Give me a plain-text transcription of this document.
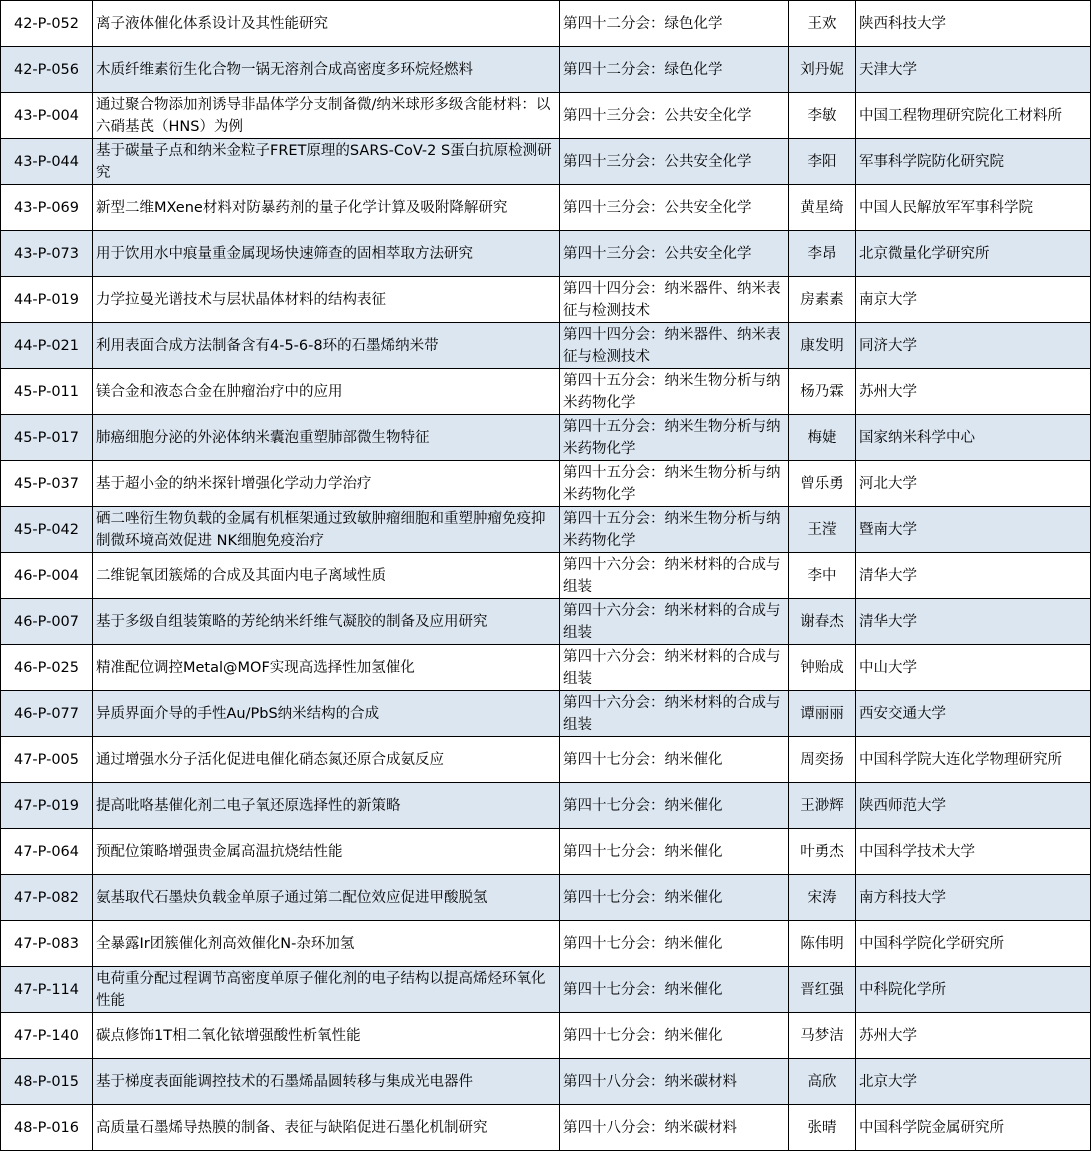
42-P-052	离子液体催化体系设计及其性能研究	第四十二分会：绿色化学	王欢	陕西科技大学
42-P-056	木质纤维素衍生化合物一锅无溶剂合成高密度多环烷烃燃料	第四十二分会：绿色化学	刘丹妮	天津大学
43-P-004	通过聚合物添加剂诱导非晶体学分支制备微/纳米球形多级含能材料：以六硝基芪（HNS）为例	第四十三分会：公共安全化学	李敏	中国工程物理研究院化工材料所
43-P-044	基于碳量子点和纳米金粒子FRET原理的SARS-CoV-2 S蛋白抗原检测研究	第四十三分会：公共安全化学	李阳	军事科学院防化研究院
43-P-069	新型二维MXene材料对防暴药剂的量子化学计算及吸附降解研究	第四十三分会：公共安全化学	黄星绮	中国人民解放军军事科学院
43-P-073	用于饮用水中痕量重金属现场快速筛查的固相萃取方法研究	第四十三分会：公共安全化学	李昂	北京微量化学研究所
44-P-019	力学拉曼光谱技术与层状晶体材料的结构表征	第四十四分会：纳米器件、纳米表征与检测技术	房素素	南京大学
44-P-021	利用表面合成方法制备含有4-5-6-8环的石墨烯纳米带	第四十四分会：纳米器件、纳米表征与检测技术	康发明	同济大学
45-P-011	镁合金和液态合金在肿瘤治疗中的应用	第四十五分会：纳米生物分析与纳米药物化学	杨乃霖	苏州大学
45-P-017	肺癌细胞分泌的外泌体纳米囊泡重塑肺部微生物特征	第四十五分会：纳米生物分析与纳米药物化学	梅婕	国家纳米科学中心
45-P-037	基于超小金的纳米探针增强化学动力学治疗	第四十五分会：纳米生物分析与纳米药物化学	曾乐勇	河北大学
45-P-042	硒二唑衍生物负载的金属有机框架通过致敏肿瘤细胞和重塑肿瘤免疫抑制微环境高效促进 NK细胞免疫治疗	第四十五分会：纳米生物分析与纳米药物化学	王滢	暨南大学
46-P-004	二维铌氧团簇烯的合成及其面内电子离域性质	第四十六分会：纳米材料的合成与组装	李中	清华大学
46-P-007	基于多级自组装策略的芳纶纳米纤维气凝胶的制备及应用研究	第四十六分会：纳米材料的合成与组装	谢春杰	清华大学
46-P-025	精准配位调控Metal@MOF实现高选择性加氢催化	第四十六分会：纳米材料的合成与组装	钟贻成	中山大学
46-P-077	异质界面介导的手性Au/PbS纳米结构的合成	第四十六分会：纳米材料的合成与组装	谭丽丽	西安交通大学
47-P-005	通过增强水分子活化促进电催化硝态氮还原合成氨反应	第四十七分会：纳米催化	周奕扬	中国科学院大连化学物理研究所
47-P-019	提高吡咯基催化剂二电子氧还原选择性的新策略	第四十七分会：纳米催化	王渺辉	陕西师范大学
47-P-064	预配位策略增强贵金属高温抗烧结性能	第四十七分会：纳米催化	叶勇杰	中国科学技术大学
47-P-082	氨基取代石墨炔负载金单原子通过第二配位效应促进甲酸脱氢	第四十七分会：纳米催化	宋涛	南方科技大学
47-P-083	全暴露Ir团簇催化剂高效催化N-杂环加氢	第四十七分会：纳米催化	陈伟明	中国科学院化学研究所
47-P-114	电荷重分配过程调节高密度单原子催化剂的电子结构以提高烯烃环氧化性能	第四十七分会：纳米催化	晋红强	中科院化学所
47-P-140	碳点修饰1T相二氧化铱增强酸性析氧性能	第四十七分会：纳米催化	马梦洁	苏州大学
48-P-015	基于梯度表面能调控技术的石墨烯晶圆转移与集成光电器件	第四十八分会：纳米碳材料	高欣	北京大学
48-P-016	高质量石墨烯导热膜的制备、表征与缺陷促进石墨化机制研究	第四十八分会：纳米碳材料	张晴	中国科学院金属研究所
